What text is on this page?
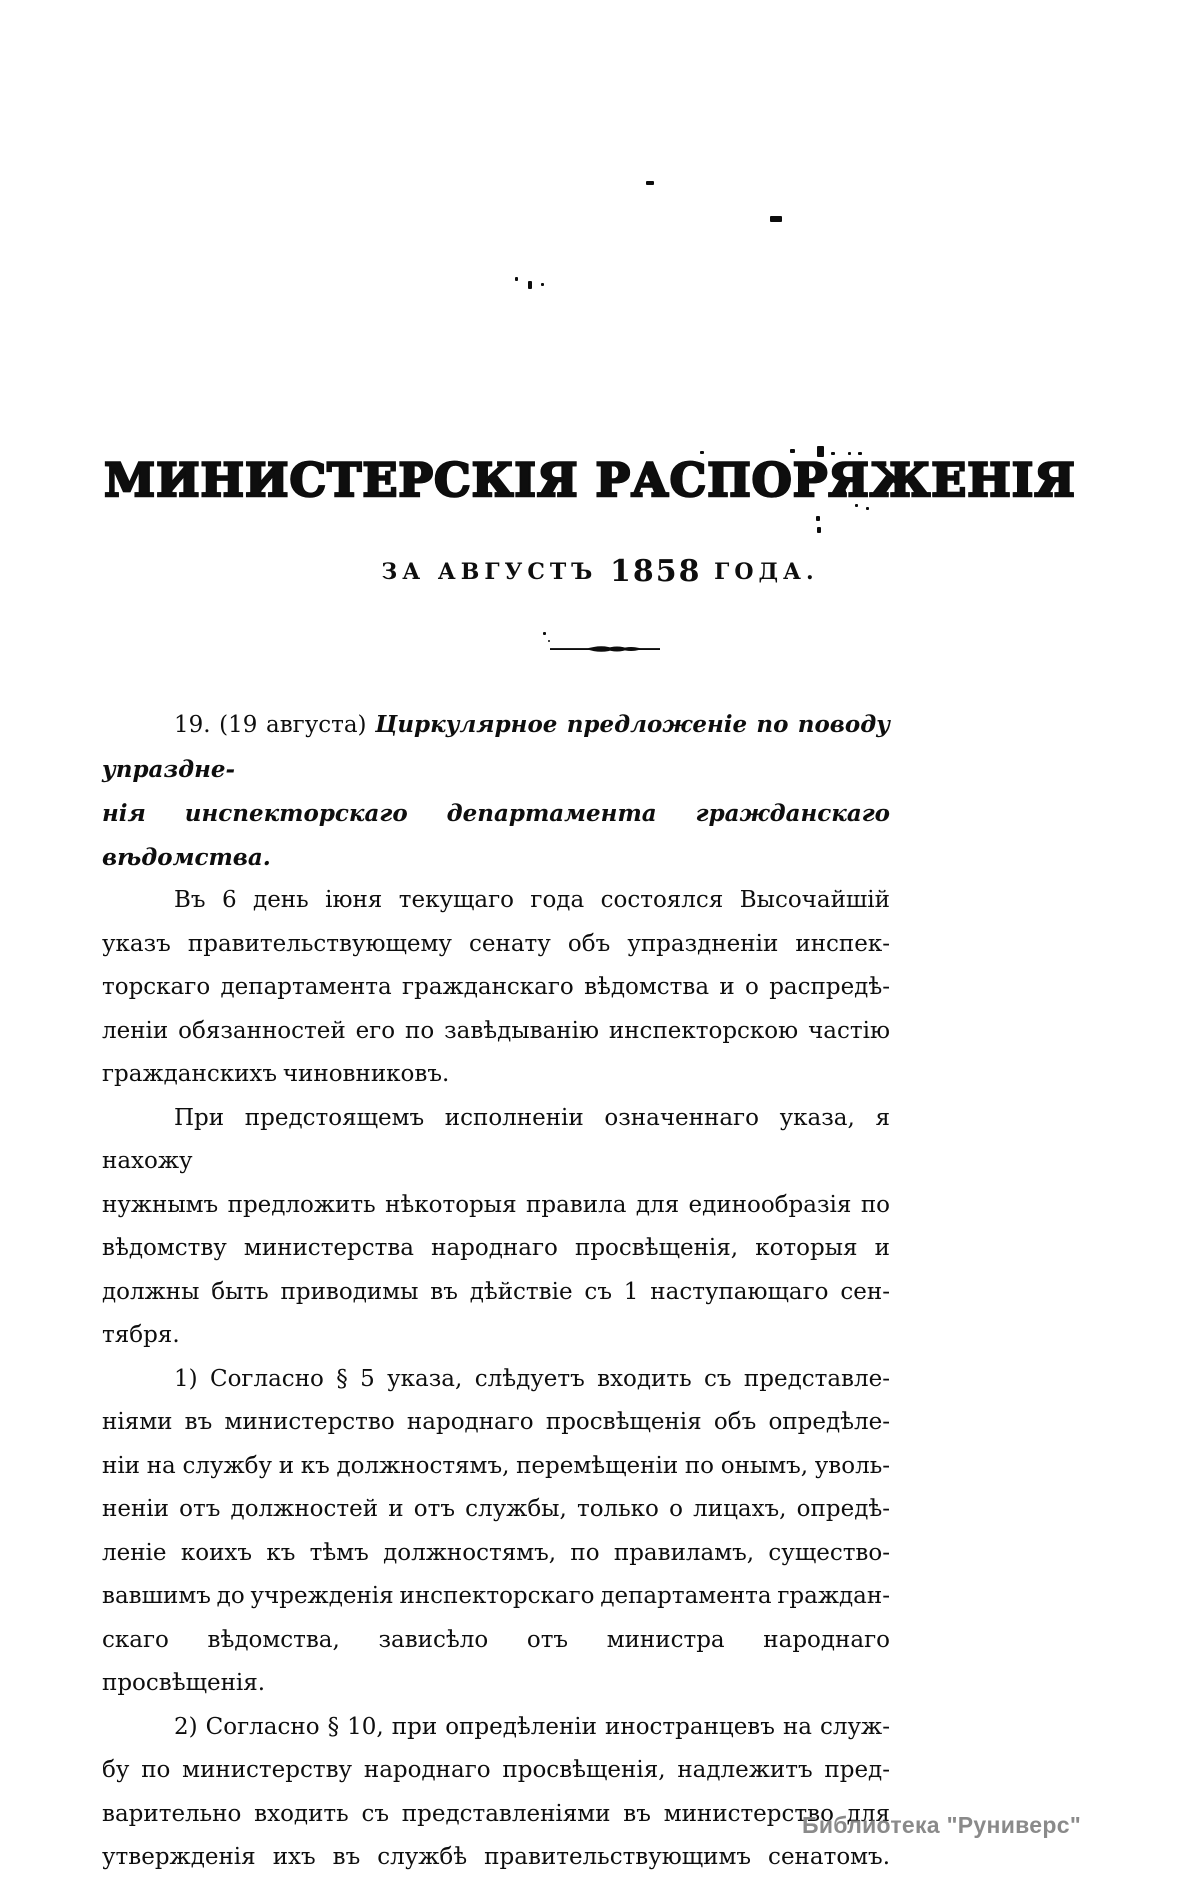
МИНИСТЕРСКІЯ РАСПОРЯЖЕНІЯ
ЗА АВГУСТЪ 1858 ГОДА.
19. (19 августа) Циркулярное предложеніе по поводу упраздне-
нія инспекторскаго департамента гражданскаго вѣдомства.
Въ 6 день іюня текущаго года состоялся Высочайшій
указъ правительствующему сенату объ упраздненіи инспек-
торскаго департамента гражданскаго вѣдомства и о распредѣ-
леніи обязанностей его по завѣдыванію инспекторскою частію
гражданскихъ чиновниковъ.
При предстоящемъ исполненіи означеннаго указа, я нахожу
нужнымъ предложить нѣкоторыя правила для единообразія по
вѣдомству министерства народнаго просвѣщенія, которыя и
должны быть приводимы въ дѣйствіе съ 1 наступающаго сен-
тября.
1) Согласно § 5 указа, слѣдуетъ входить съ представле-
ніями въ министерство народнаго просвѣщенія объ опредѣле-
ніи на службу и къ должностямъ, перемѣщеніи по онымъ, уволь-
неніи отъ должностей и отъ службы, только о лицахъ, опредѣ-
леніе коихъ къ тѣмъ должностямъ, по правиламъ, существо-
вавшимъ до учрежденія инспекторскаго департамента граждан-
скаго вѣдомства, зависѣло отъ министра народнаго просвѣщенія.
2) Согласно § 10, при опредѣленіи иностранцевъ на служ-
бу по министерству народнаго просвѣщенія, надлежитъ пред-
варительно входить съ представленіями въ министерство для
утвержденія ихъ въ службѣ правительствующимъ сенатомъ.
Библиотека "Руниверс"
